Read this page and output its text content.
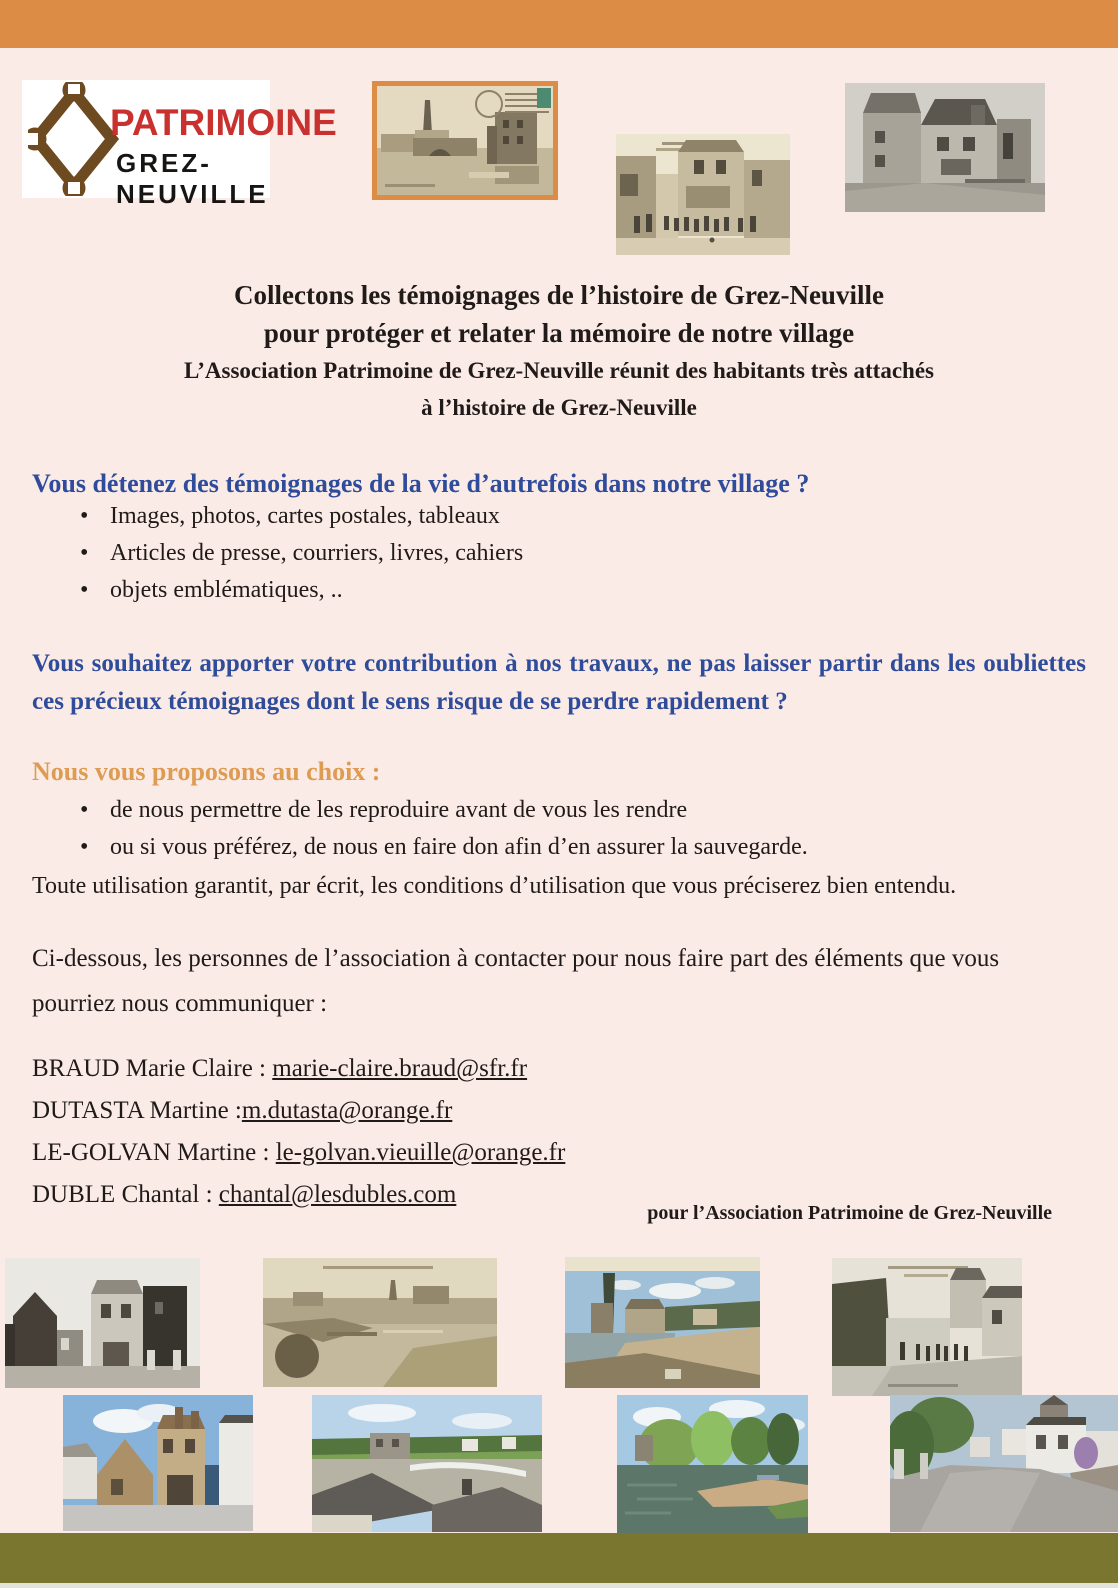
PATRIMOINE
GREZ-NEUVILLE
Collectons les témoignages de l’histoire de Grez-Neuville
pour protéger et relater la mémoire de notre village
L’Association Patrimoine de Grez-Neuville réunit des habitants très attachés
à l’histoire de Grez-Neuville
Vous détenez des témoignages de la vie d’autrefois dans notre village ?
• Images, photos, cartes postales, tableaux
• Articles de presse, courriers, livres, cahiers
• objets emblématiques, ..
Vous souhaitez apporter votre contribution à nos travaux, ne pas laisser partir dans les oubliettes ces précieux témoignages dont le sens risque de se perdre rapidement ?
Nous vous proposons au choix :
• de nous permettre de les reproduire avant de vous les rendre
• ou si vous préférez, de nous en faire don afin d’en assurer la sauvegarde.
Toute utilisation garantit, par écrit, les conditions d’utilisation que vous préciserez bien entendu.
Ci-dessous, les personnes de l’association à contacter pour nous faire part des éléments que vous pourriez nous communiquer :
BRAUD Marie Claire : marie-claire.braud@sfr.fr
DUTASTA Martine :m.dutasta@orange.fr
LE-GOLVAN Martine : le-golvan.vieuille@orange.fr
DUBLE Chantal : chantal@lesdubles.com
pour l’Association Patrimoine de Grez-Neuville
